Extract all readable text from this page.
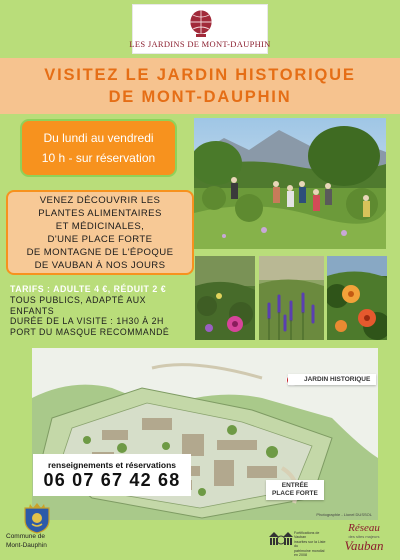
LES JARDINS DE MONT-DAUPHIN
VISITEZ LE JARDIN HISTORIQUE
DE MONT-DAUPHIN
Du lundi au vendredi
10 h - sur réservation
VENEZ DÉCOUVRIR LES
PLANTES ALIMENTAIRES
ET MÉDICINALES,
D'UNE PLACE FORTE
DE MONTAGNE DE L'ÉPOQUE
DE VAUBAN À NOS JOURS
TARIFS : ADULTE 4 €, RÉDUIT 2 €
TOUS PUBLICS, ADAPTÉ AUX
ENFANTS
DURÉE DE LA VISITE : 1H30 À 2H
PORT DU MASQUE RECOMMANDÉ
JARDIN HISTORIQUE
ENTRÉE
PLACE FORTE
Photographie - Lionel DUSSOL
renseignements et réservations
06 07 67 42 68
Commune de
Mont-Dauphin
Fortifications de Vauban
inscrites sur la Liste du
patrimoine mondial en 2008
Réseau
des sites majeurs
Vauban
